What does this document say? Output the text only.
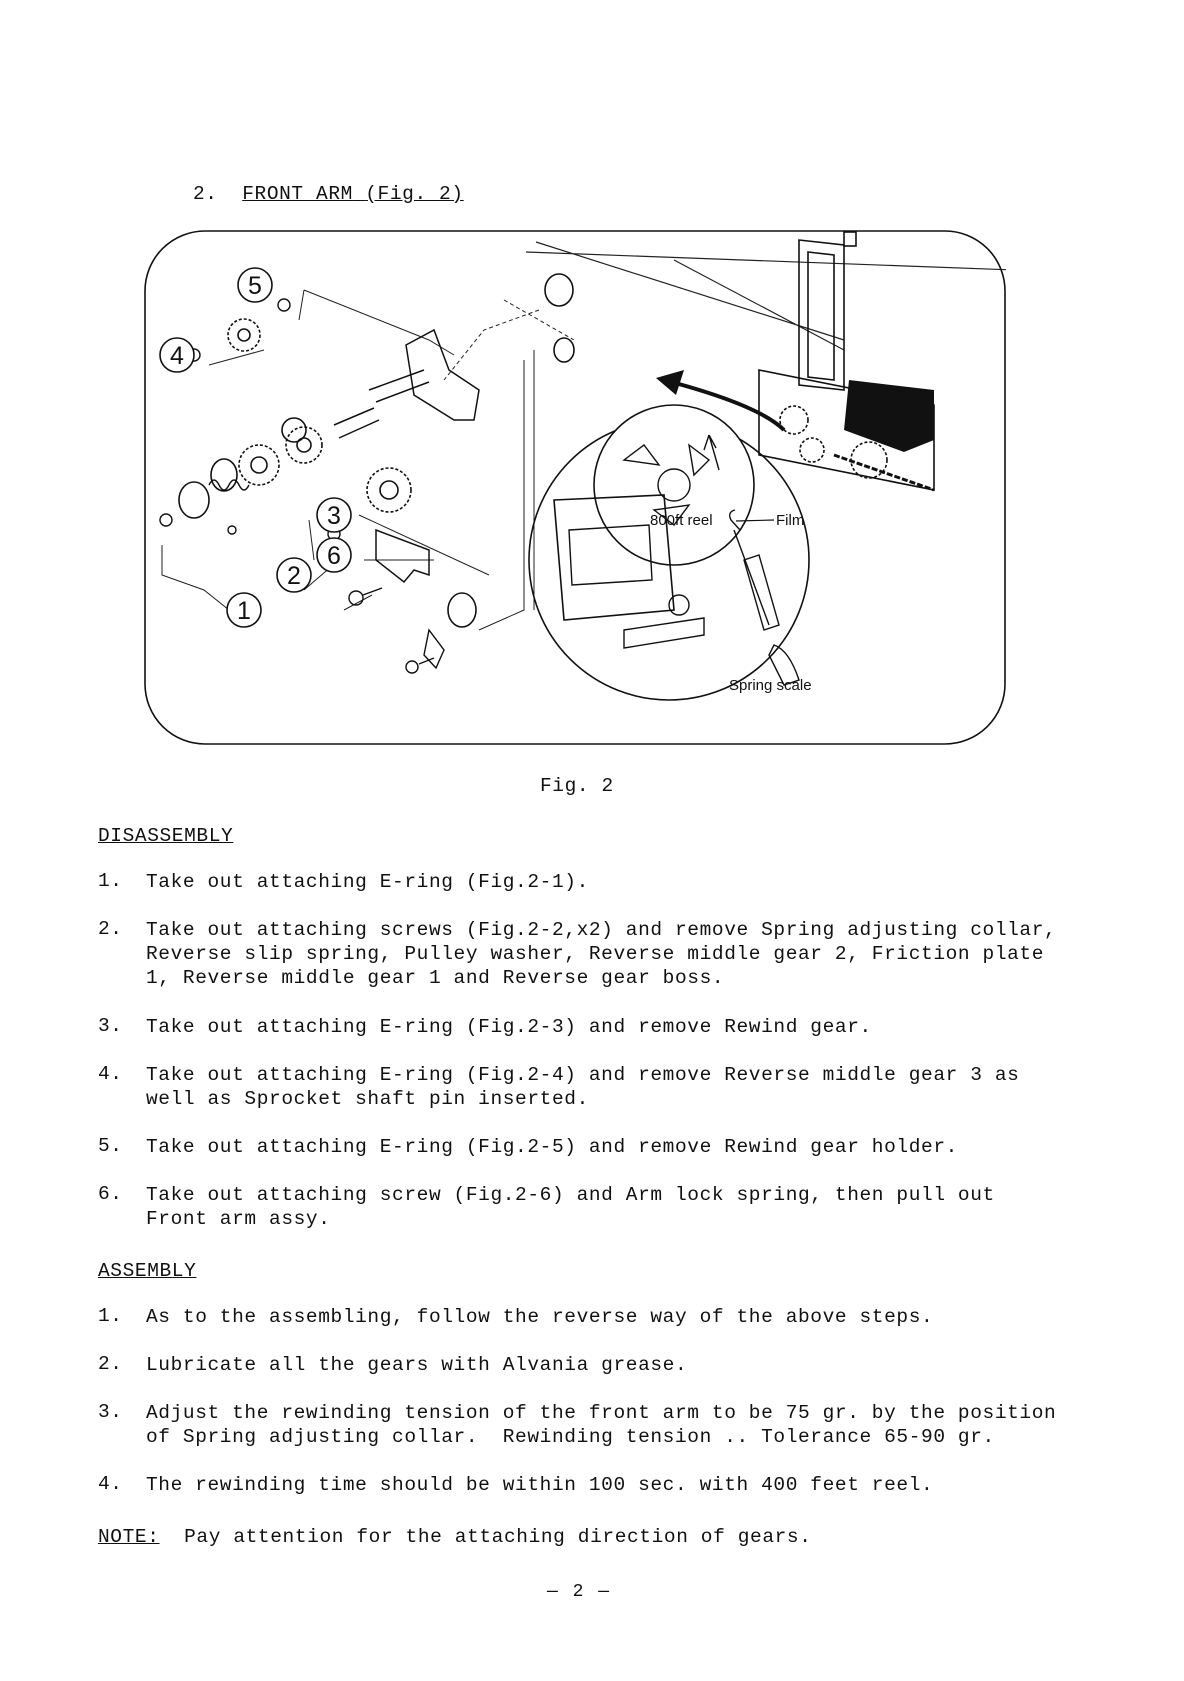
2. FRONT ARM (Fig. 2)
5
4
3
6
2
1
800ft reel	Film
Spring scale
Fig. 2
DISASSEMBLY
1. Take out attaching E-ring (Fig.2-1).
2. Take out attaching screws (Fig.2-2,x2) and remove Spring adjusting collar,
Reverse slip spring, Pulley washer, Reverse middle gear 2, Friction plate
1, Reverse middle gear 1 and Reverse gear boss.
3. Take out attaching E-ring (Fig.2-3) and remove Rewind gear.
4. Take out attaching E-ring (Fig.2-4) and remove Reverse middle gear 3 as
well as Sprocket shaft pin inserted.
5. Take out attaching E-ring (Fig.2-5) and remove Rewind gear holder.
6. Take out attaching screw (Fig.2-6) and Arm lock spring, then pull out
Front arm assy.
ASSEMBLY
1. As to the assembling, follow the reverse way of the above steps.
2. Lubricate all the gears with Alvania grease.
3. Adjust the rewinding tension of the front arm to be 75 gr. by the position
of Spring adjusting collar.  Rewinding tension .. Tolerance 65-90 gr.
4. The rewinding time should be within 100 sec. with 400 feet reel.
NOTE: Pay attention for the attaching direction of gears.
— 2 —
